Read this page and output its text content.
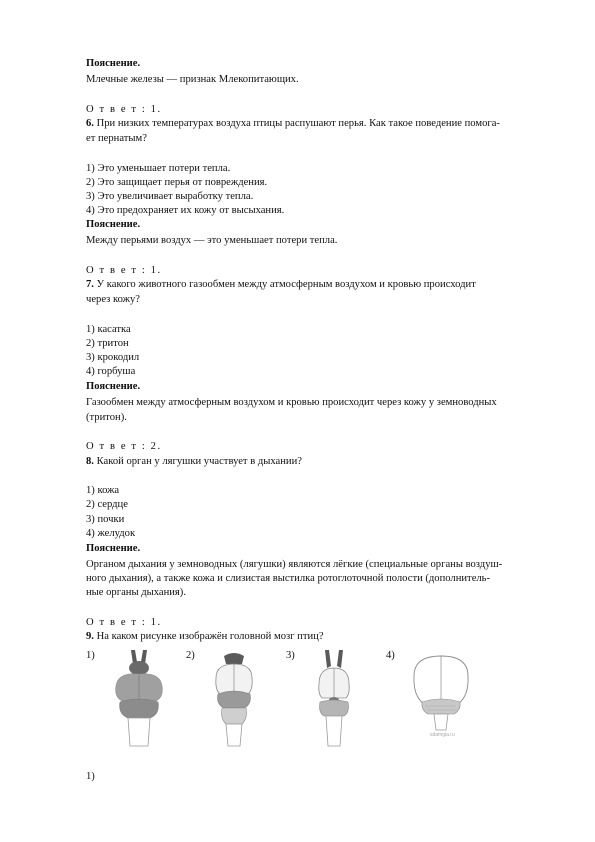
Пояснение.
Млечные железы — признак Млекопитающих.
О т в е т : 1.
6. При низких температурах воздуха птицы распушают перья. Как такое поведение помога-
ет пернатым?
1) Это уменьшает потери тепла.
2) Это защищает перья от повреждения.
3) Это увеличивает выработку тепла.
4) Это предохраняет их кожу от высыхания.
Пояснение.
Между перьями воздух — это уменьшает потери тепла.
О т в е т : 1.
7. У какого животного газообмен между атмосферным воздухом и кровью происходит
через кожу?
1) касатка
2) тритон
3) крокодил
4) горбуша
Пояснение.
Газообмен между атмосферным воздухом и кровью происходит через кожу у земноводных
(тритон).
О т в е т : 2.
8. Какой орган у лягушки участвует в дыхании?
1) кожа
2) сердце
3) почки
4) желудок
Пояснение.
Органом дыхания у земноводных (лягушки) являются лёгкие (специальные органы воздуш-
ного дыхания), а также кожа и слизистая выстилка ротоглоточной полости (дополнитель-
ные органы дыхания).
О т в е т : 1.
9. На каком рисунке изображён головной мозг птиц?
1)	2)	3)	4)
sdamgia.ru
1)
